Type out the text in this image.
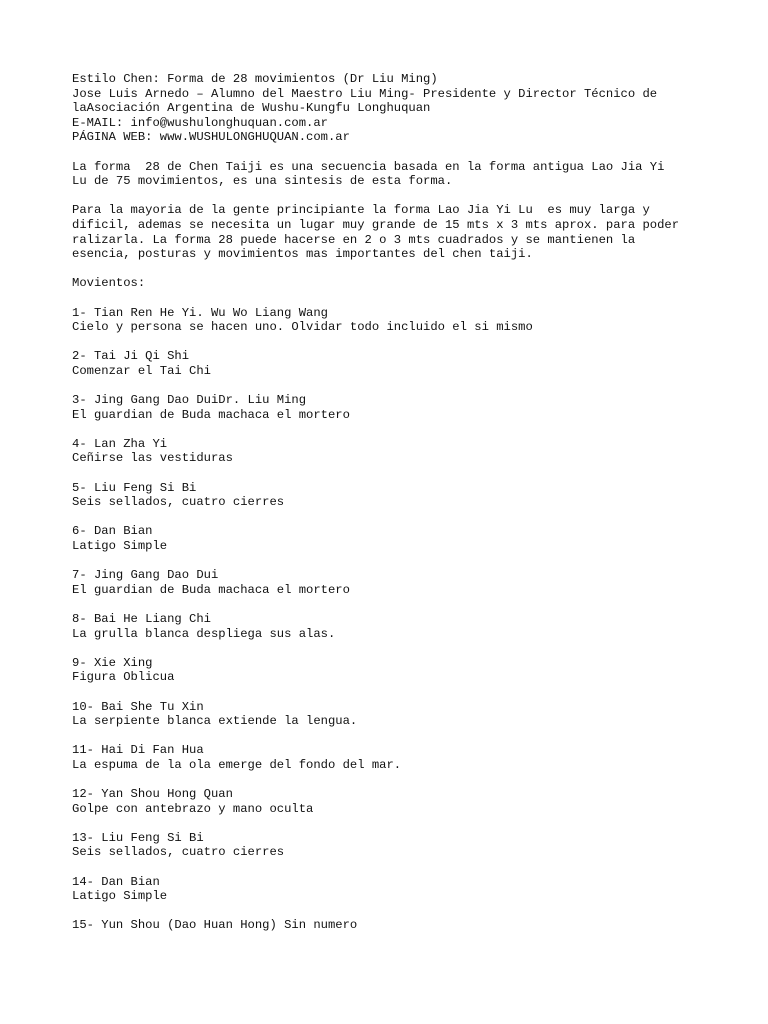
Estilo Chen: Forma de 28 movimientos (Dr Liu Ming)
Jose Luis Arnedo – Alumno del Maestro Liu Ming- Presidente y Director Técnico de
laAsociación Argentina de Wushu-Kungfu Longhuquan
E-MAIL: info@wushulonghuquan.com.ar
PÁGINA WEB: www.WUSHULONGHUQUAN.com.ar
La forma  28 de Chen Taiji es una secuencia basada en la forma antigua Lao Jia Yi
Lu de 75 movimientos, es una sintesis de esta forma.
Para la mayoria de la gente principiante la forma Lao Jia Yi Lu  es muy larga y
dificil, ademas se necesita un lugar muy grande de 15 mts x 3 mts aprox. para poder
ralizarla. La forma 28 puede hacerse en 2 o 3 mts cuadrados y se mantienen la
esencia, posturas y movimientos mas importantes del chen taiji.
Movientos:
1- Tian Ren He Yi. Wu Wo Liang Wang
Cielo y persona se hacen uno. Olvidar todo incluido el si mismo
2- Tai Ji Qi Shi
Comenzar el Tai Chi
3- Jing Gang Dao DuiDr. Liu Ming
El guardian de Buda machaca el mortero
4- Lan Zha Yi
Ceñirse las vestiduras
5- Liu Feng Si Bi
Seis sellados, cuatro cierres
6- Dan Bian
Latigo Simple
7- Jing Gang Dao Dui
El guardian de Buda machaca el mortero
8- Bai He Liang Chi
La grulla blanca despliega sus alas.
9- Xie Xing
Figura Oblicua
10- Bai She Tu Xin
La serpiente blanca extiende la lengua.
11- Hai Di Fan Hua
La espuma de la ola emerge del fondo del mar.
12- Yan Shou Hong Quan
Golpe con antebrazo y mano oculta
13- Liu Feng Si Bi
Seis sellados, cuatro cierres
14- Dan Bian
Latigo Simple
15- Yun Shou (Dao Huan Hong) Sin numero
